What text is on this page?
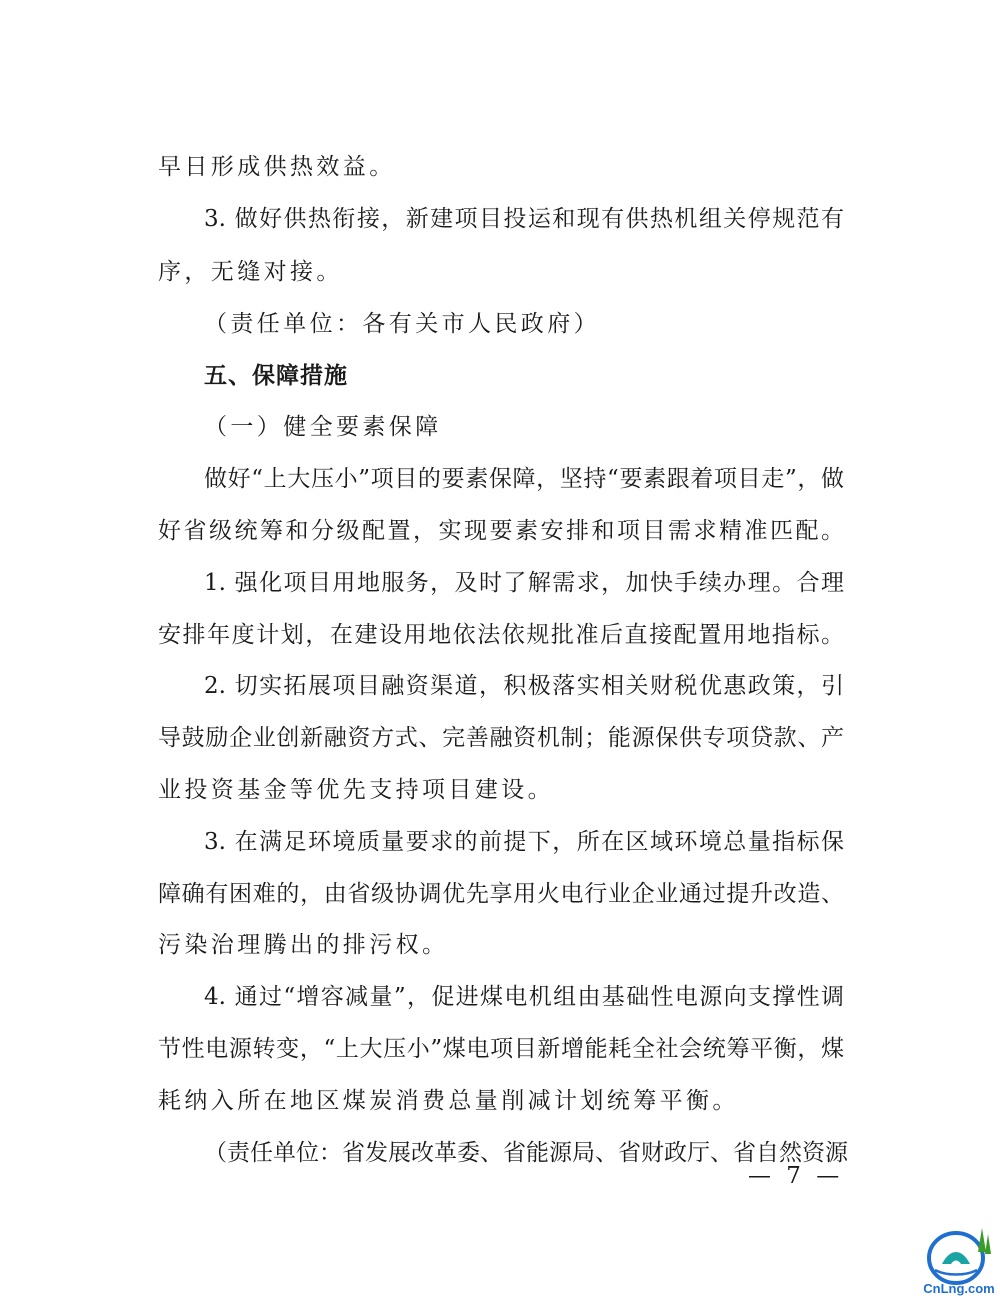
早日形成供热效益。
3. 做好供热衔接，新建项目投运和现有供热机组关停规范有
序，无缝对接。
（责任单位：各有关市人民政府）
五、保障措施
（一）健全要素保障
做好“上大压小”项目的要素保障，坚持“要素跟着项目走”，做
好省级统筹和分级配置，实现要素安排和项目需求精准匹配。
1. 强化项目用地服务，及时了解需求，加快手续办理。合理
安排年度计划，在建设用地依法依规批准后直接配置用地指标。
2. 切实拓展项目融资渠道，积极落实相关财税优惠政策，引
导鼓励企业创新融资方式、完善融资机制；能源保供专项贷款、产
业投资基金等优先支持项目建设。
3. 在满足环境质量要求的前提下，所在区域环境总量指标保
障确有困难的，由省级协调优先享用火电行业企业通过提升改造、
污染治理腾出的排污权。
4. 通过“增容减量”，促进煤电机组由基础性电源向支撑性调
节性电源转变，“上大压小”煤电项目新增能耗全社会统筹平衡，煤
耗纳入所在地区煤炭消费总量削减计划统筹平衡。
（责任单位：省发展改革委、省能源局、省财政厅、省自然资源
— 7 —
CnLng.com
